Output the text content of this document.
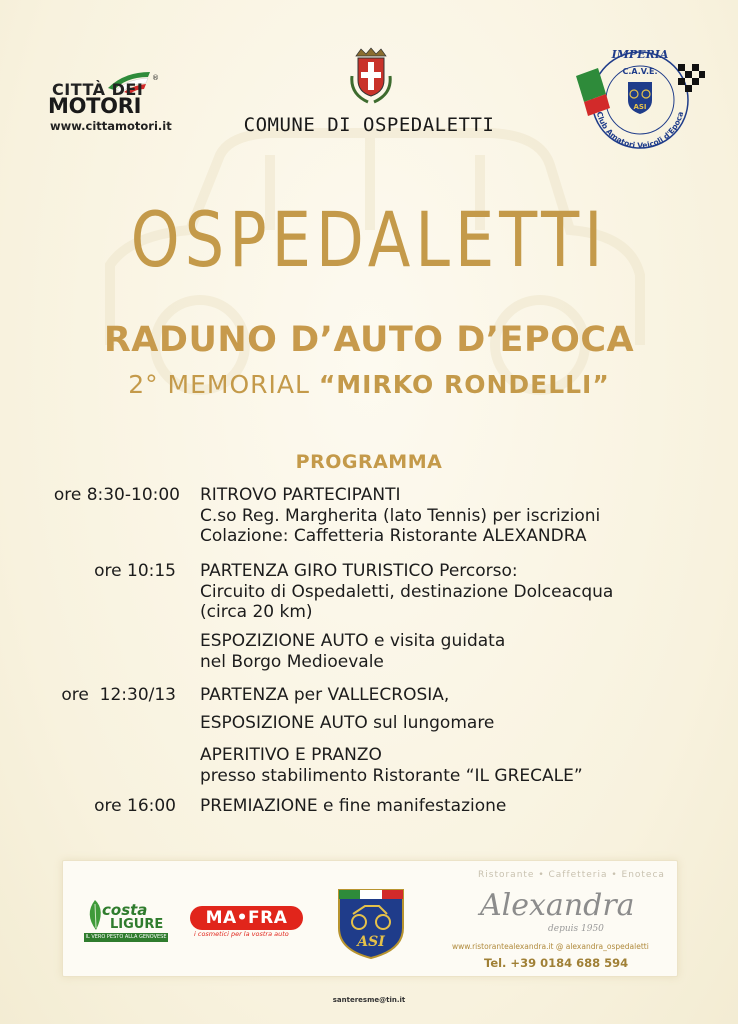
®
CITTÀ DEI
MOTORI
www.cittamotori.it	COMUNE DI OSPEDALETTI
IMPERIA
C.A.V.E.
ASI
Club Amatori Veicoli d'Epoca
OSPEDALETTI
RADUNO D’AUTO D’EPOCA
2° MEMORIAL “MIRKO RONDELLI”
PROGRAMMA
ore 8:30-10:00 RITROVO PARTECIPANTI
C.so Reg. Margherita (lato Tennis) per iscrizioni
Colazione: Caffetteria Ristorante ALEXANDRA
ore 10:15 PARTENZA GIRO TURISTICO Percorso:
Circuito di Ospedaletti, destinazione Dolceacqua
(circa 20 km)
ESPOZIZIONE AUTO e visita guidata
nel Borgo Medioevale
ore  12:30/13 PARTENZA per VALLECROSIA,
ESPOSIZIONE AUTO sul lungomare
APERITIVO E PRANZO
presso stabilimento Ristorante “IL GRECALE”
ore 16:00 PREMIAZIONE e fine manifestazione
costa
LIGURE
IL VERO PESTO ALLA GENOVESE
MA•FRA
i cosmetici per la vostra auto	ASI
Ristorante • Caffetteria • Enoteca
Alexandra
depuis 1950
www.ristorantealexandra.it @ alexandra_ospedaletti
Tel. +39 0184 688 594
santeresme@tin.it
